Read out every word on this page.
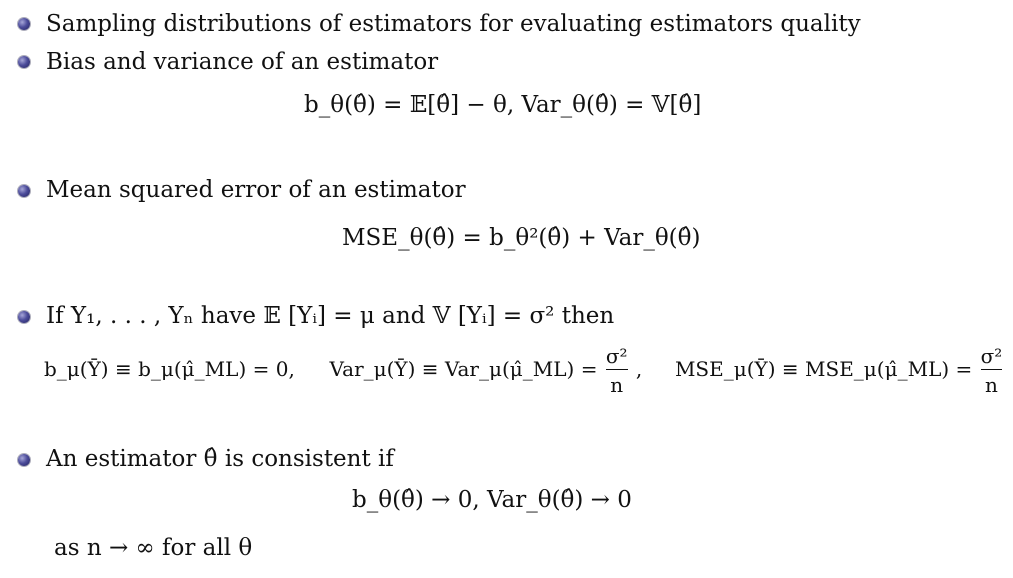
Sampling distributions of estimators for evaluating estimators quality
Bias and variance of an estimator
b_θ(θ̂) = 𝔼[θ̂] − θ, Var_θ(θ̂) = 𝕍[θ̂]
Mean squared error of an estimator
MSE_θ(θ̂) = b_θ²(θ̂) + Var_θ(θ̂)
If Y₁, . . . , Yₙ have 𝔼 [Yᵢ] = μ and 𝕍 [Yᵢ] = σ² then
b_μ(Ȳ) ≡ b_μ(μ̂_ML) = 0, Var_μ(Ȳ) ≡ Var_μ(μ̂_ML) = $\frac{\text{σ²}}{n}$ , MSE_μ(Ȳ) ≡ MSE_μ(μ̂_ML) = $\frac{\text{σ²}}{n}$
An estimator θ̂ is consistent if
b_θ(θ̂) → 0, Var_θ(θ̂) → 0
as n → ∞ for all θ
